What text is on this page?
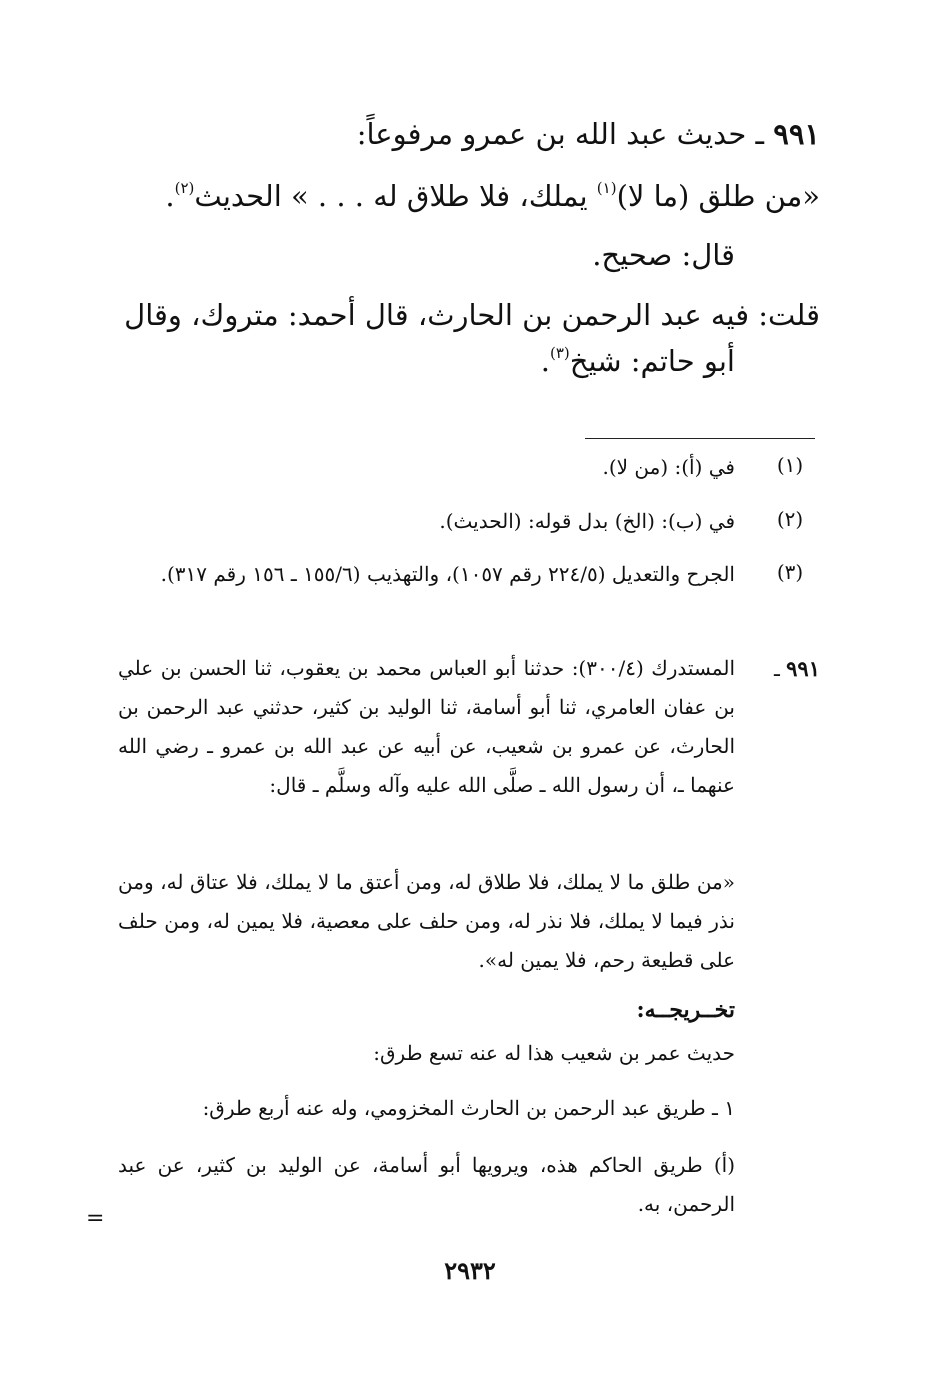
٩٩١ ـ حديث عبد الله بن عمرو مرفوعاً:
«من طلق (ما لا)$^{(١)}$ يملك، فلا طلاق له . . . » الحديث$^{(٢)}$.
قال: صحيح.
قلت: فيه عبد الرحمن بن الحارث، قال أحمد: متروك، وقال
أبو حاتم: شيخ$^{(٣)}$.
(١)
في (أ): (من لا).
(٢)
في (ب): (الخ) بدل قوله: (الحديث).
(٣)
الجرح والتعديل (٢٢٤/٥ رقم ١٠٥٧)، والتهذيب (١٥٥/٦ ـ ١٥٦ رقم ٣١٧).
٩٩١ ـ
المستدرك (٣٠٠/٤): حدثنا أبو العباس محمد بن يعقوب، ثنا الحسن بن علي بن عفان العامري، ثنا أبو أسامة، ثنا الوليد بن كثير، حدثني عبد الرحمن بن الحارث، عن عمرو بن شعيب، عن أبيه عن عبد الله بن عمرو ـ رضي الله عنهما ـ، أن رسول الله ـ صلَّى الله عليه وآله وسلَّم ـ قال:
«من طلق ما لا يملك، فلا طلاق له، ومن أعتق ما لا يملك، فلا عتاق له، ومن نذر فيما لا يملك، فلا نذر له، ومن حلف على معصية، فلا يمين له، ومن حلف على قطيعة رحم، فلا يمين له».
تخــريجــه:
حديث عمر بن شعيب هذا له عنه تسع طرق:
١ ـ طريق عبد الرحمن بن الحارث المخزومي، وله عنه أربع طرق:
(أ) طريق الحاكم هذه، ويرويها أبو أسامة، عن الوليد بن كثير، عن عبد الرحمن، به.
=
٢٩٣٢
